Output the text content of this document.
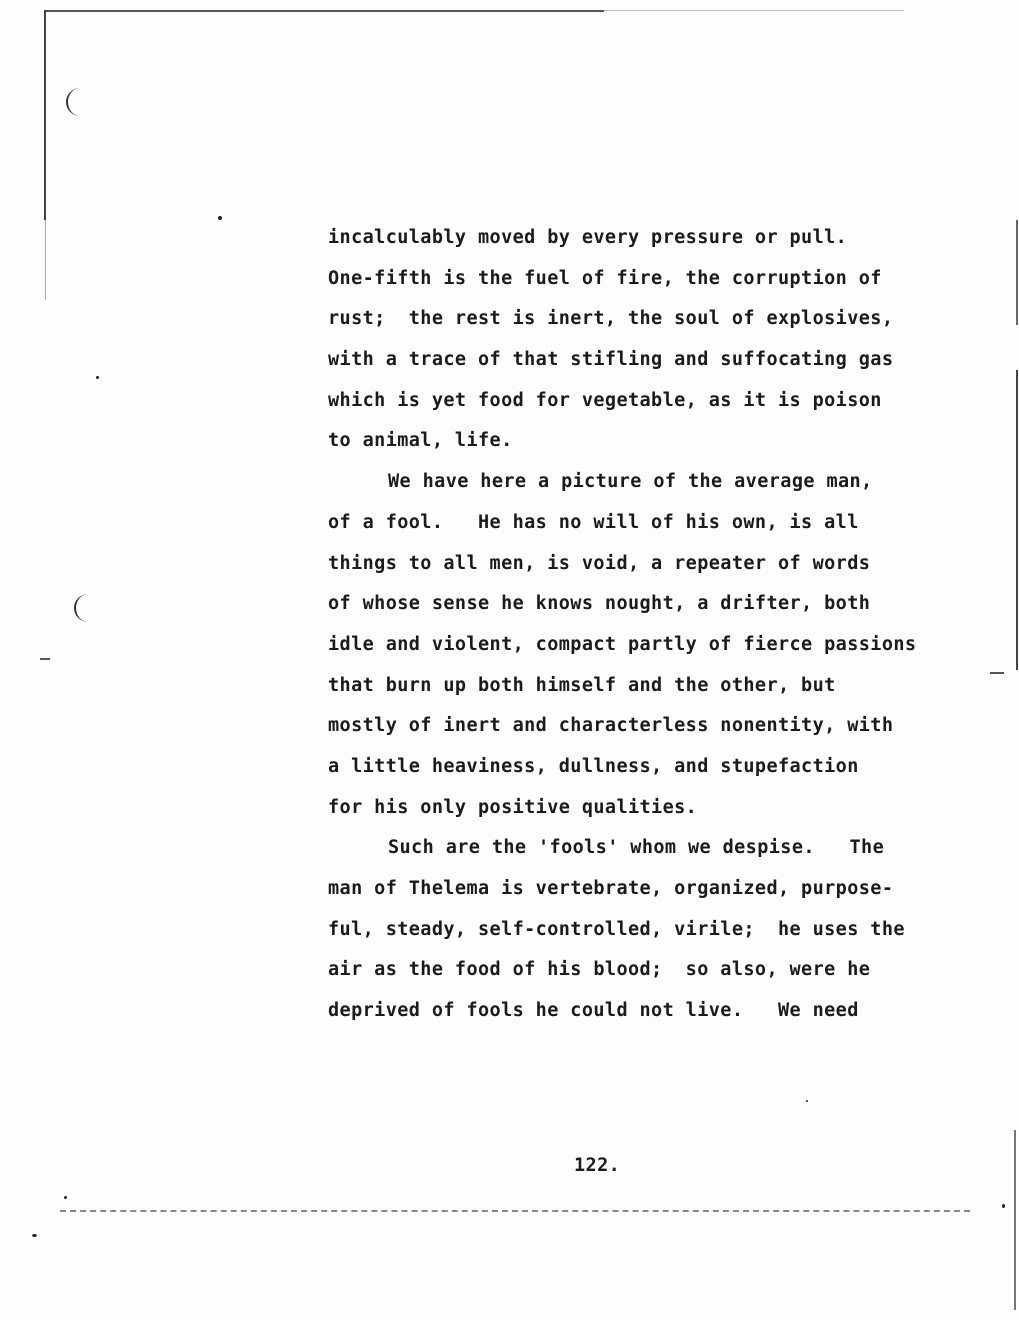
incalculably moved by every pressure or pull.
One-fifth is the fuel of fire, the corruption of
rust;  the rest is inert, the soul of explosives,
with a trace of that stifling and suffocating gas
which is yet food for vegetable, as it is poison
to animal, life.
We have here a picture of the average man,
of a fool.   He has no will of his own, is all
things to all men, is void, a repeater of words
of whose sense he knows nought, a drifter, both
idle and violent, compact partly of fierce passions
that burn up both himself and the other, but
mostly of inert and characterless nonentity, with
a little heaviness, dullness, and stupefaction
for his only positive qualities.
Such are the 'fools' whom we despise.   The
man of Thelema is vertebrate, organized, purpose-
ful, steady, self-controlled, virile;  he uses the
air as the food of his blood;  so also, were he
deprived of fools he could not live.   We need
122.
